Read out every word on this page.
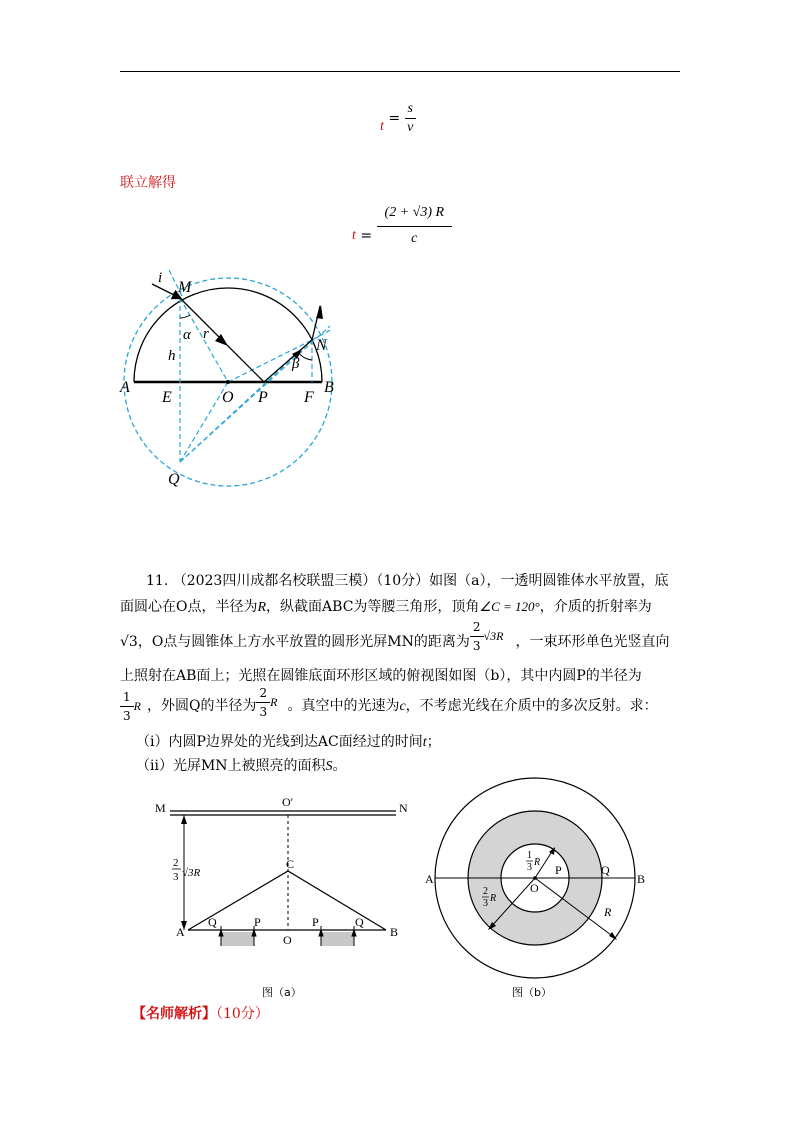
$t = \frac{s}{v}$
联立解得
$t = \frac{(2 + √3) R}{c}$
i
M
α r
h
N
β
A
E	O P F
B
Q
11. （2023四川成都名校联盟三模）（10分）如图（a），一透明圆锥体水平放置，底
面圆心在O点，半径为R，纵截面ABC为等腰三角形，顶角∠C = 120°，介质的折射率为
√3，O点与圆锥体上方水平放置的圆形光屏MN的距离为 $\frac{2}{3} √3R$ ，一束环形单色光竖直向
上照射在AB面上；光照在圆锥底面环形区域的俯视图如图（b），其中内圆P的半径为
$\frac{1}{3}$ R ，外圆Q的半径为 $\frac{2}{3}$ R 。真空中的光速为c，不考虑光线在介质中的多次反射。求：
（ⅰ）内圆P边界处的光线到达AC面经过的时间t；
（ⅱ）光屏MN上被照亮的面积S。
M	O′	N
C
2
3 √3R
A
Q	P
O
P	Q
B
图（a）
A	B
O
P	Q
R
1
3 R
2
3 R
图（b）
【名师解析】（10分）
